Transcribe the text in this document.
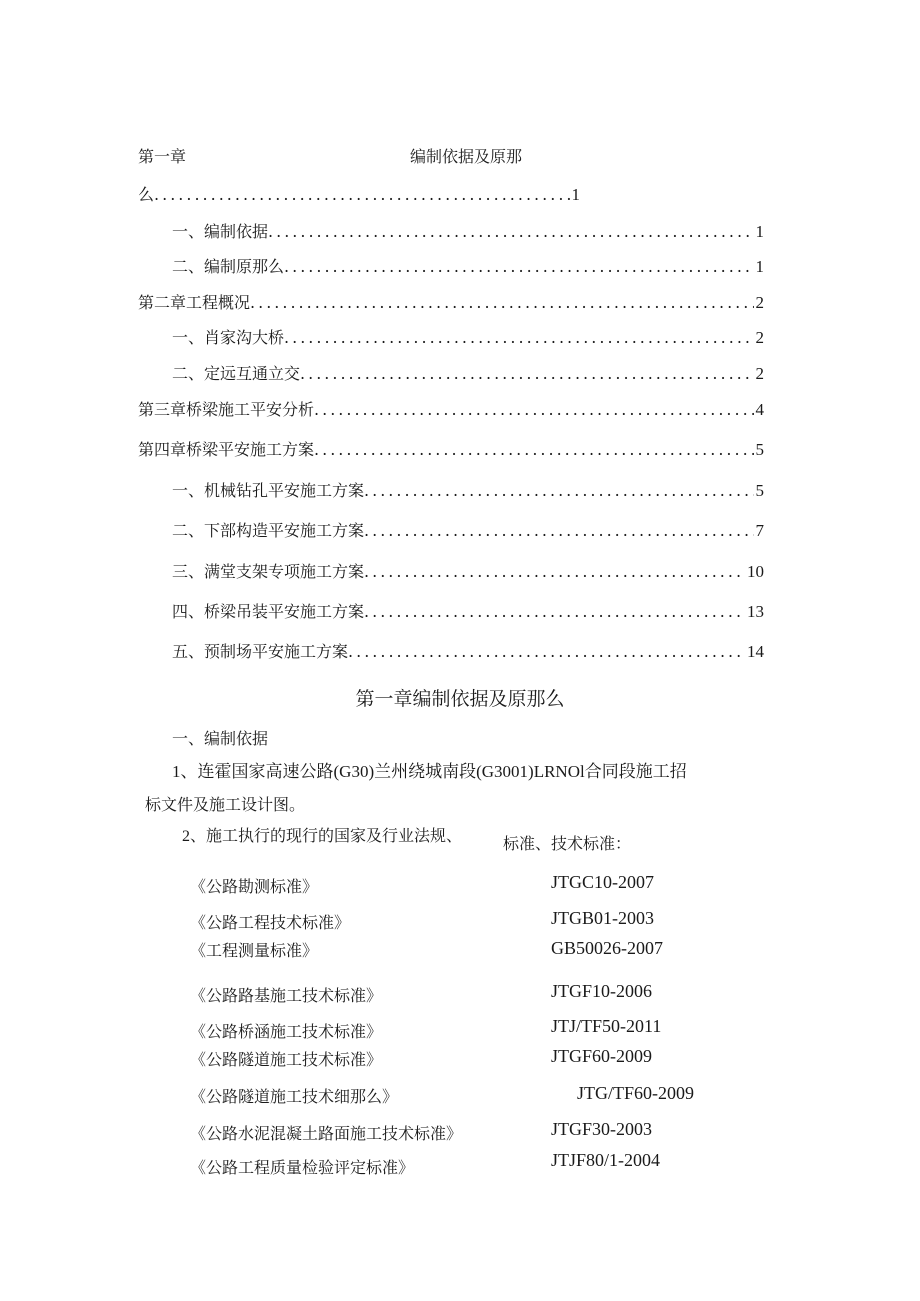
第一章	编制依据及原那
么 .....	1
一、编制依据 .....	1
二、编制原那么 .....	1
第二章工程概况 .....	2
一、肖家沟大桥 .....	2
二、定远互通立交 .....	2
第三章桥梁施工平安分析 .....	4
第四章桥梁平安施工方案 .....	5
一、机械钻孔平安施工方案 .....	5
二、下部构造平安施工方案 .....	7
三、满堂支架专项施工方案 .....	10
四、桥梁吊装平安施工方案 .....	13
五、预制场平安施工方案 .....	14
第一章编制依据及原那么
一、编制依据
1、连霍国家高速公路(G30)兰州绕城南段(G3001)LRNOl合同段施工招
标文件及施工设计图。
2、施工执行的现行的国家及行业法规、	标准、技术标准：
《公路勘测标准》	JTGC10-2007
《公路工程技术标准》	JTGB01-2003
《工程测量标准》	GB50026-2007
《公路路基施工技术标准》	JTGF10-2006
《公路桥涵施工技术标准》	JTJ/TF50-2011
《公路隧道施工技术标准》	JTGF60-2009
《公路隧道施工技术细那么》	JTG/TF60-2009
《公路水泥混凝土路面施工技术标准》	JTGF30-2003
《公路工程质量检验评定标准》	JTJF80/1-2004
